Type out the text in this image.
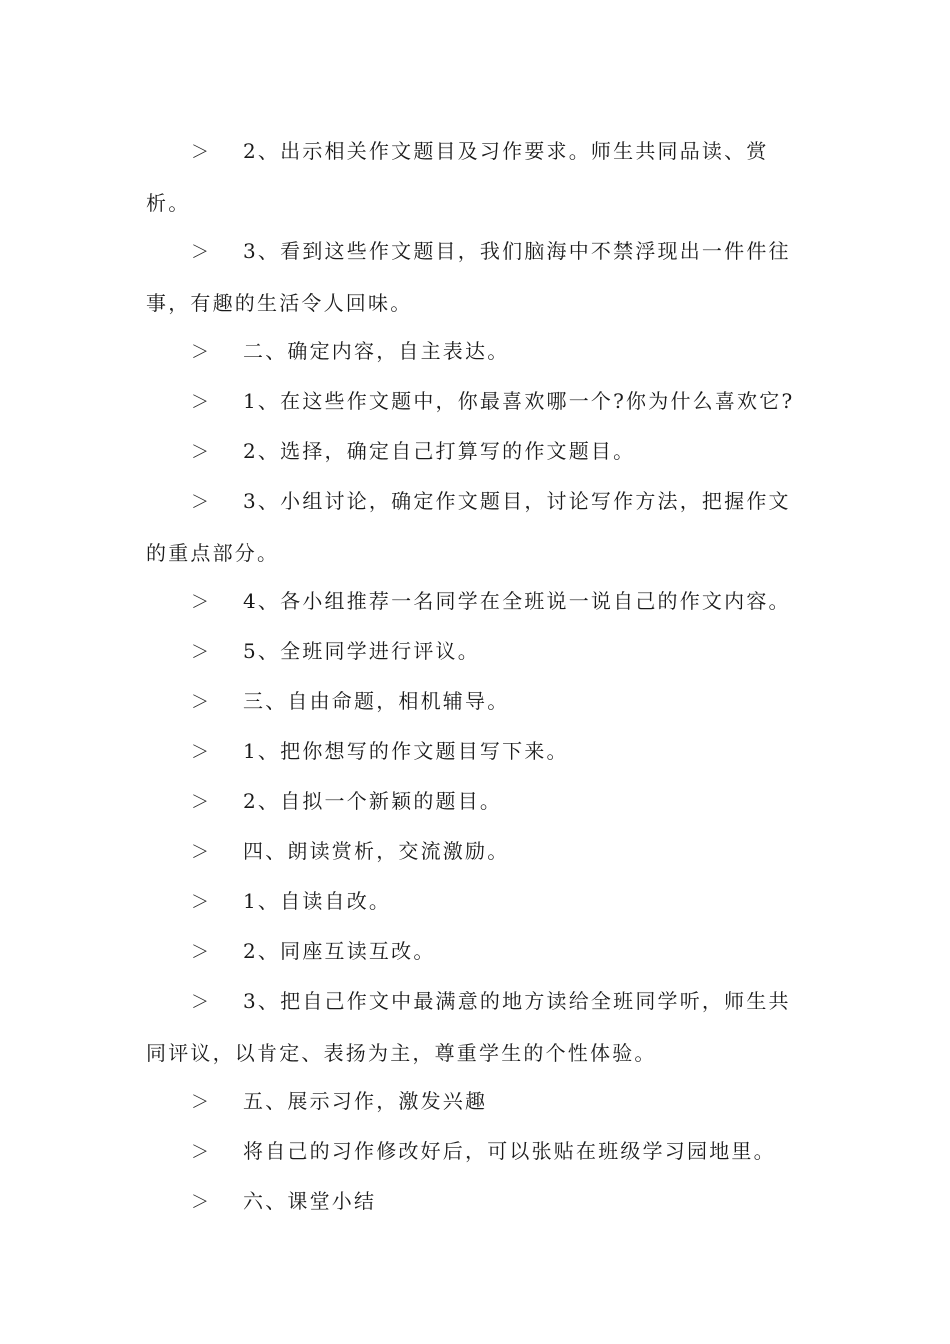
＞ 2、出示相关作文题目及习作要求。师生共同品读、赏析。

＞ 3、看到这些作文题目，我们脑海中不禁浮现出一件件往事，有趣的生活令人回味。

＞ 二、确定内容，自主表达。

＞ 1、在这些作文题中，你最喜欢哪一个?你为什么喜欢它?

＞ 2、选择，确定自己打算写的作文题目。

＞ 3、小组讨论，确定作文题目，讨论写作方法，把握作文的重点部分。

＞ 4、各小组推荐一名同学在全班说一说自己的作文内容。

＞ 5、全班同学进行评议。

＞ 三、自由命题，相机辅导。

＞ 1、把你想写的作文题目写下来。

＞ 2、自拟一个新颖的题目。

＞ 四、朗读赏析，交流激励。

＞ 1、自读自改。

＞ 2、同座互读互改。

＞ 3、把自己作文中最满意的地方读给全班同学听，师生共同评议，以肯定、表扬为主，尊重学生的个性体验。

＞ 五、展示习作，激发兴趣

＞ 将自己的习作修改好后，可以张贴在班级学习园地里。

＞ 六、课堂小结
